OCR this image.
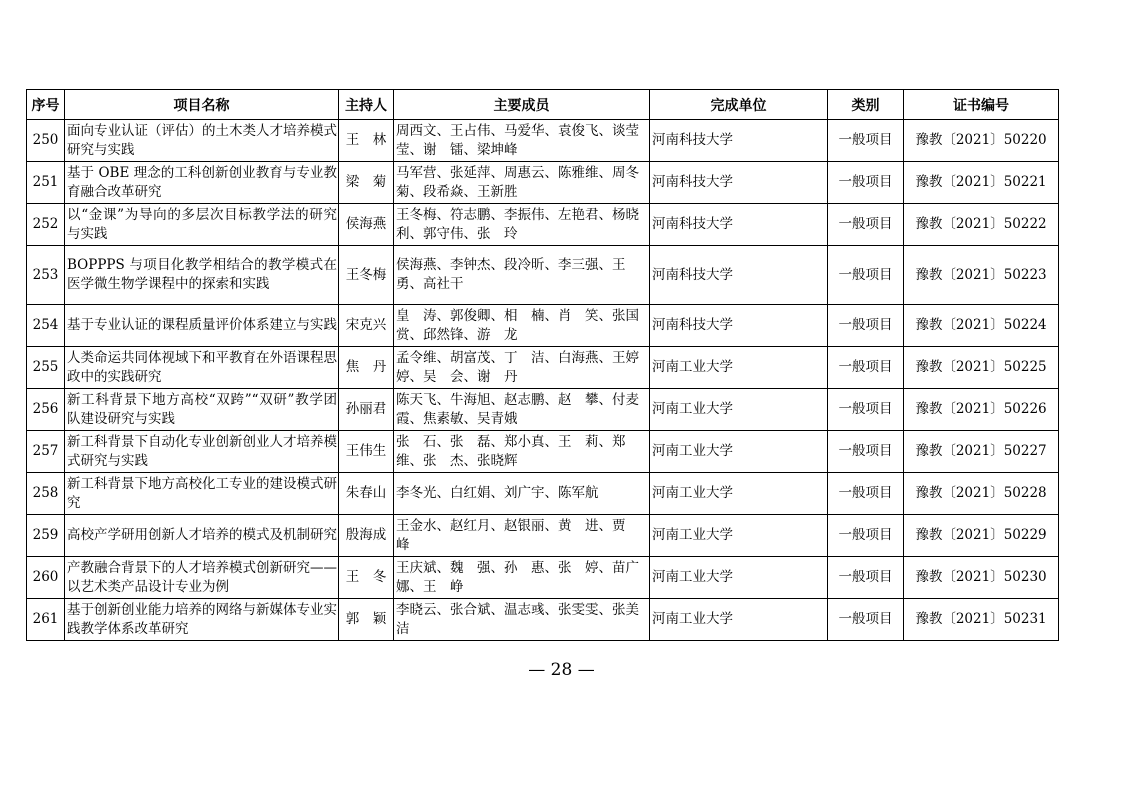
序号	项目名称	主持人	主要成员	完成单位	类别	证书编号
250	面向专业认证（评估）的土木类人才培养模式研究与实践	王　林	周西文、王占伟、马爱华、袁俊飞、谈莹莹、谢　镭、梁坤峰	河南科技大学	一般项目	豫教〔2021〕50220
251	基于 OBE 理念的工科创新创业教育与专业教育融合改革研究	梁　菊	马军营、张延萍、周惠云、陈雅维、周冬菊、段希焱、王新胜	河南科技大学	一般项目	豫教〔2021〕50221
252	以“金课”为导向的多层次目标教学法的研究与实践	侯海燕	王冬梅、符志鹏、李振伟、左艳君、杨晓利、郭守伟、张　玲	河南科技大学	一般项目	豫教〔2021〕50222
253	BOPPPS 与项目化教学相结合的教学模式在医学微生物学课程中的探索和实践	王冬梅	侯海燕、李钟杰、段冷昕、李三强、王　勇、高社干	河南科技大学	一般项目	豫教〔2021〕50223
254	基于专业认证的课程质量评价体系建立与实践	宋克兴	皇　涛、郭俊卿、相　楠、肖　笑、张国赏、邱然锋、游　龙	河南科技大学	一般项目	豫教〔2021〕50224
255	人类命运共同体视域下和平教育在外语课程思政中的实践研究	焦　丹	孟令维、胡富茂、丁　洁、白海燕、王婷婷、吴　会、谢　丹	河南工业大学	一般项目	豫教〔2021〕50225
256	新工科背景下地方高校“双跨”“双研”教学团队建设研究与实践	孙丽君	陈天飞、牛海旭、赵志鹏、赵　攀、付麦霞、焦素敏、吴青娥	河南工业大学	一般项目	豫教〔2021〕50226
257	新工科背景下自动化专业创新创业人才培养模式研究与实践	王伟生	张　石、张　磊、郑小真、王　莉、郑　维、张　杰、张晓辉	河南工业大学	一般项目	豫教〔2021〕50227
258	新工科背景下地方高校化工专业的建设模式研究	朱春山	李冬光、白红娟、刘广宇、陈军航	河南工业大学	一般项目	豫教〔2021〕50228
259	高校产学研用创新人才培养的模式及机制研究	殷海成	王金水、赵红月、赵银丽、黄　进、贾　峰	河南工业大学	一般项目	豫教〔2021〕50229
260	产教融合背景下的人才培养模式创新研究——以艺术类产品设计专业为例	王　冬	王庆斌、魏　强、孙　惠、张　婷、苗广娜、王　峥	河南工业大学	一般项目	豫教〔2021〕50230
261	基于创新创业能力培养的网络与新媒体专业实践教学体系改革研究	郭　颖	李晓云、张合斌、温志彧、张雯雯、张美洁	河南工业大学	一般项目	豫教〔2021〕50231
— 28 —
